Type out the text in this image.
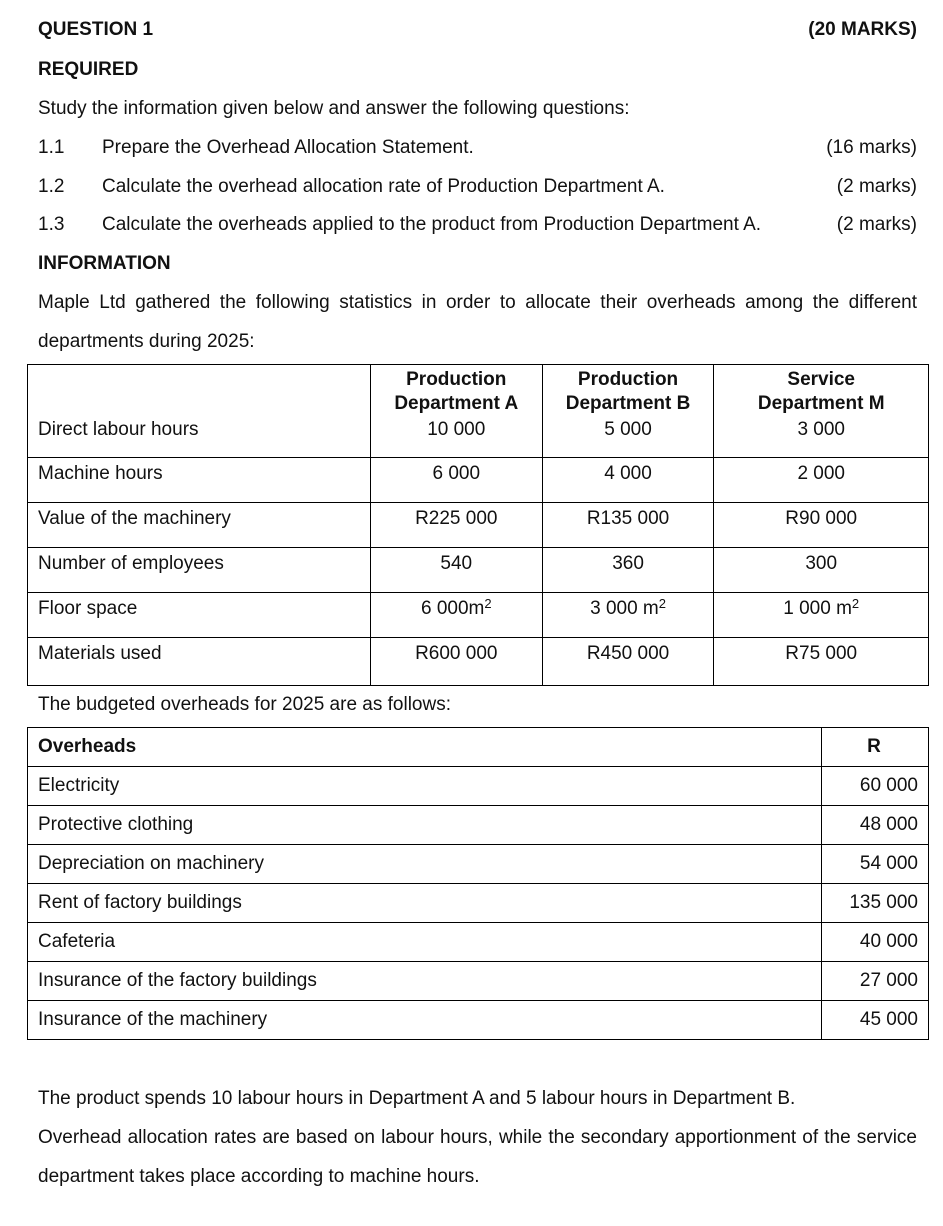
QUESTION 1	(20 MARKS)
REQUIRED
Study the information given below and answer the following questions:
1.1 Prepare the Overhead Allocation Statement.	(16 marks)
1.2 Calculate the overhead allocation rate of Production Department A.	(2 marks)
1.3 Calculate the overheads applied to the product from Production Department A.	(2 marks)
INFORMATION
Maple Ltd gathered the following statistics in order to allocate their overheads among the different
departments during 2025:

	Production
Department A	Production
Department B	Service
Department M

Direct labour hours	10 000	5 000	3 000
Machine hours	6 000	4 000	2 000
Value of the machinery	R225 000	R135 000	R90 000
Number of employees	540	360	300
Floor space	6 $000m^2$	3 000 $m^2$	1 000 $m^2$
Materials used	R600 000	R450 000	R75 000
The budgeted overheads for 2025 are as follows:
Overheads	R
Electricity	60 000
Protective clothing	48 000
Depreciation on machinery	54 000
Rent of factory buildings	135 000
Cafeteria	40 000
Insurance of the factory buildings	27 000
Insurance of the machinery	45 000
The product spends 10 labour hours in Department A and 5 labour hours in Department B.
Overhead allocation rates are based on labour hours, while the secondary apportionment of the service
department takes place according to machine hours.
